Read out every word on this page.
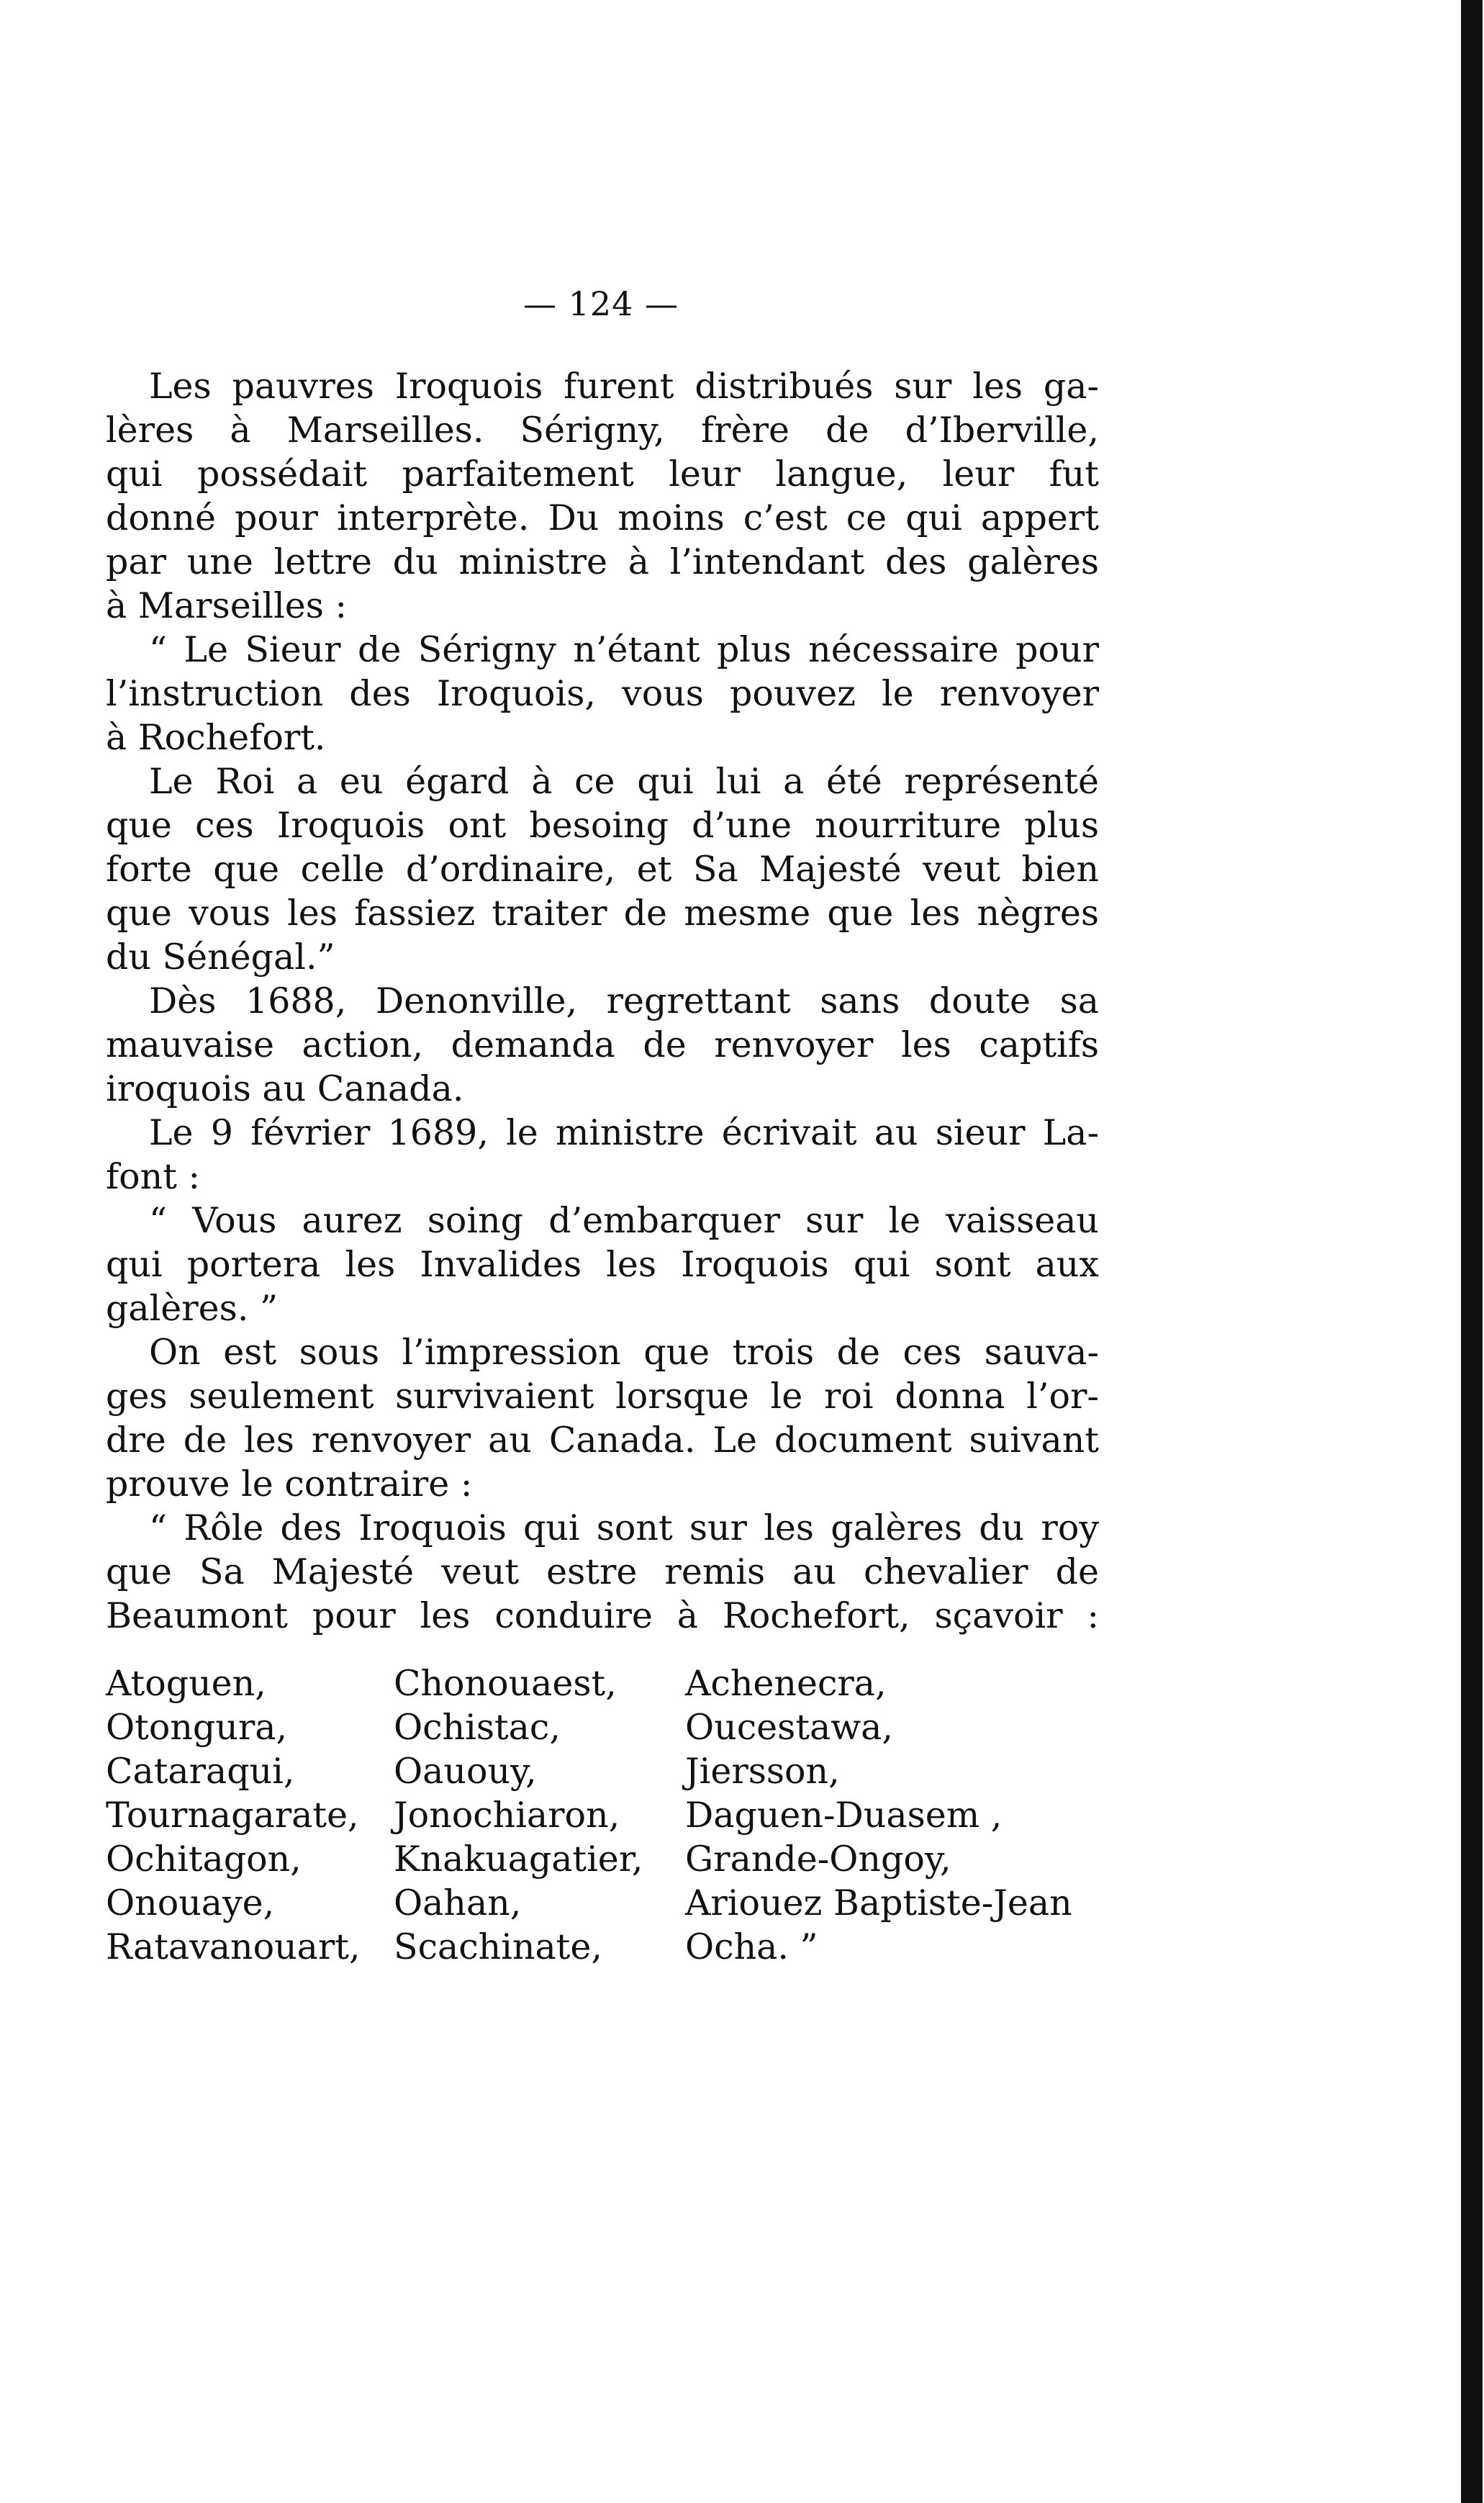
— 124 —
Les pauvres Iroquois furent distribués sur les ga-
lères à Marseilles. Sérigny, frère de d’Iberville,
qui possédait parfaitement leur langue, leur fut
donné pour interprète. Du moins c’est ce qui appert
par une lettre du ministre à l’intendant des galères
à Marseilles :
“ Le Sieur de Sérigny n’étant plus nécessaire pour
l’instruction des Iroquois, vous pouvez le renvoyer
à Rochefort.
Le Roi a eu égard à ce qui lui a été représenté
que ces Iroquois ont besoing d’une nourriture plus
forte que celle d’ordinaire, et Sa Majesté veut bien
que vous les fassiez traiter de mesme que les nègres
du Sénégal.”
Dès 1688, Denonville, regrettant sans doute sa
mauvaise action, demanda de renvoyer les captifs
iroquois au Canada.
Le 9 février 1689, le ministre écrivait au sieur La-
font :
“ Vous aurez soing d’embarquer sur le vaisseau
qui portera les Invalides les Iroquois qui sont aux
galères. ”
On est sous l’impression que trois de ces sauva-
ges seulement survivaient lorsque le roi donna l’or-
dre de les renvoyer au Canada. Le document suivant
prouve le contraire :
“ Rôle des Iroquois qui sont sur les galères du roy
que Sa Majesté veut estre remis au chevalier de
Beaumont pour les conduire à Rochefort, sçavoir :
Atoguen,	Chonouaest,	Achenecra,
Otongura,	Ochistac,	Oucestawa,
Cataraqui,	Oauouy,	Jiersson,
Tournagarate, Jonochiaron,	Daguen-Duasem ,
Ochitagon,	Knakuagatier,	Grande-Ongoy,
Onouaye,	Oahan,	Ariouez Baptiste-Jean
Ratavanouart, Scachinate,	Ocha. ”
